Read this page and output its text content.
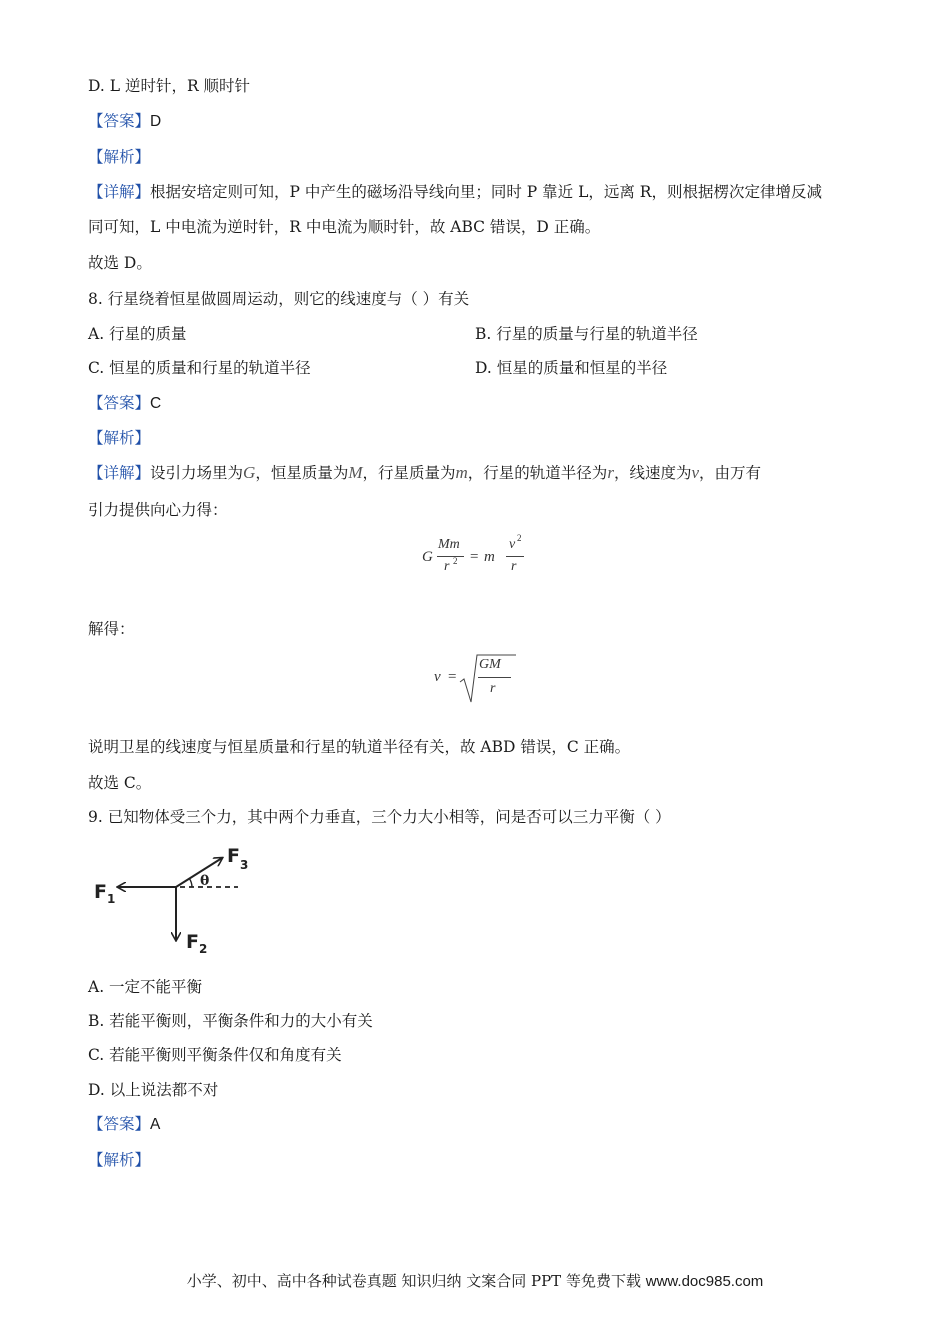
D. L 逆时针，R 顺时针
【答案】D
【解析】
【详解】根据安培定则可知，P 中产生的磁场沿导线向里；同时 P 靠近 L，远离 R，则根据楞次定律增反减
同可知，L 中电流为逆时针，R 中电流为顺时针，故 ABC 错误，D 正确。
故选 D。
8. 行星绕着恒星做圆周运动，则它的线速度与（ ）有关
A. 行星的质量	B. 行星的质量与行星的轨道半径
C. 恒星的质量和行星的轨道半径	D. 恒星的质量和恒星的半径
【答案】C
【解析】
【详解】设引力场里为G，恒星质量为M，行星质量为m，行星的轨道半径为r，线速度为v，由万有
引力提供向心力得：
G
Mm
r 2 = m
v 2
r
解得：
v =
GM
r
说明卫星的线速度与恒星质量和行星的轨道半径有关，故 ABD 错误，C 正确。
故选 C。
9. 已知物体受三个力，其中两个力垂直，三个力大小相等，问是否可以三力平衡（ ）
θ
F 1
F 2
F 3
A. 一定不能平衡
B. 若能平衡则，平衡条件和力的大小有关
C. 若能平衡则平衡条件仅和角度有关
D. 以上说法都不对
【答案】A
【解析】
小学、初中、高中各种试卷真题 知识归纳 文案合同 PPT 等免费下载 www.doc985.com
